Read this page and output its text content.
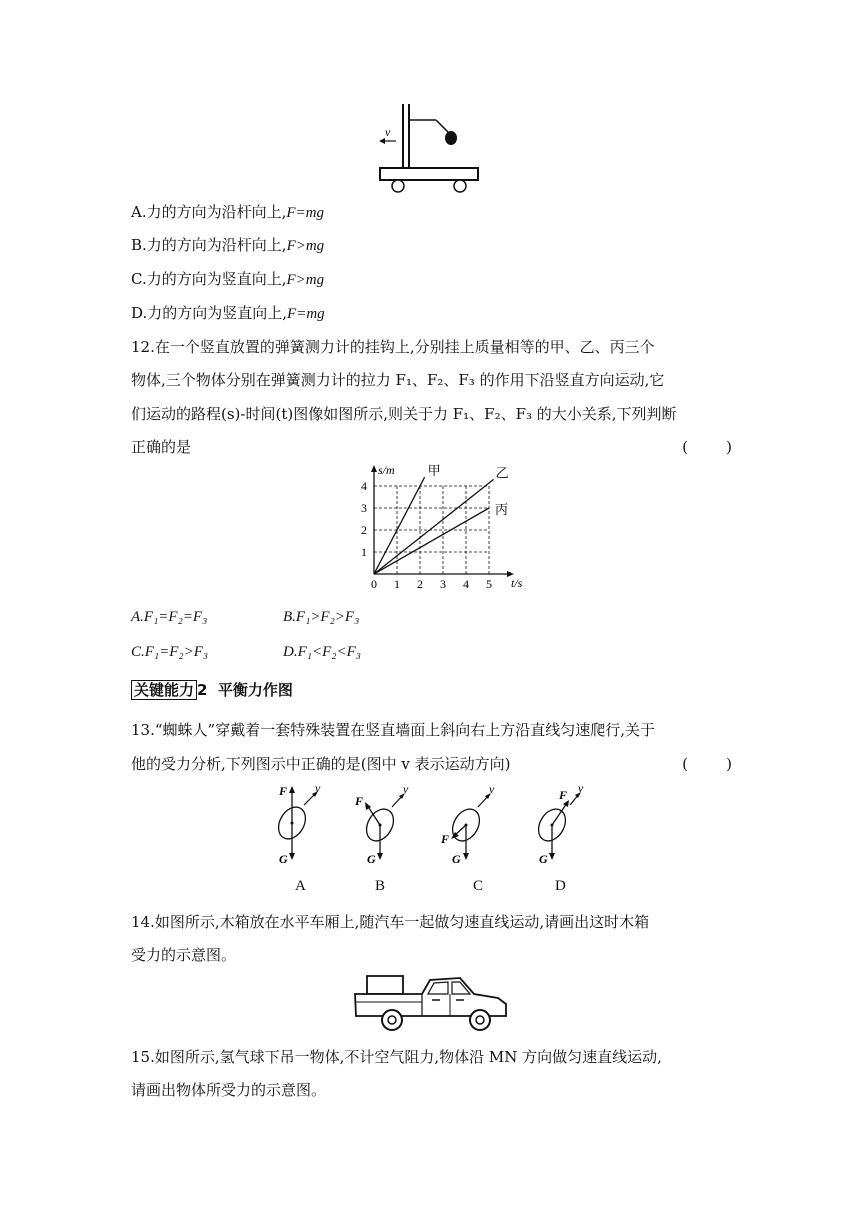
v
A.力的方向为沿杆向上,F=mg
B.力的方向为沿杆向上,F>mg
C.力的方向为竖直向上,F>mg
D.力的方向为竖直向上,F=mg
12.在一个竖直放置的弹簧测力计的挂钩上,分别挂上质量相等的甲、乙、丙三个
物体,三个物体分别在弹簧测力计的拉力 F₁、F₂、F₃ 的作用下沿竖直方向运动,它
们运动的路程(s)-时间(t)图像如图所示,则关于力 F₁、F₂、F₃ 的大小关系,下列判断
正确的是	(        )
0 1 2 3 4 5
1
2
3
4
t/s
s/m	甲	乙
丙
A.F₁=F₂=F₃	B.F₁>F₂>F₃
C.F₁=F₂>F₃	D.F₁<F₂<F₃
关键能力 2 平衡力作图
13.“蜘蛛人”穿戴着一套特殊装置在竖直墙面上斜向右上方沿直线匀速爬行,关于
他的受力分析,下列图示中正确的是(图中 v 表示运动方向)	(        )
F v
G
F
v
G
F
v
G
F v
G
A	B	C	D
14.如图所示,木箱放在水平车厢上,随汽车一起做匀速直线运动,请画出这时木箱
受力的示意图。
15.如图所示,氢气球下吊一物体,不计空气阻力,物体沿 MN 方向做匀速直线运动,
请画出物体所受力的示意图。
